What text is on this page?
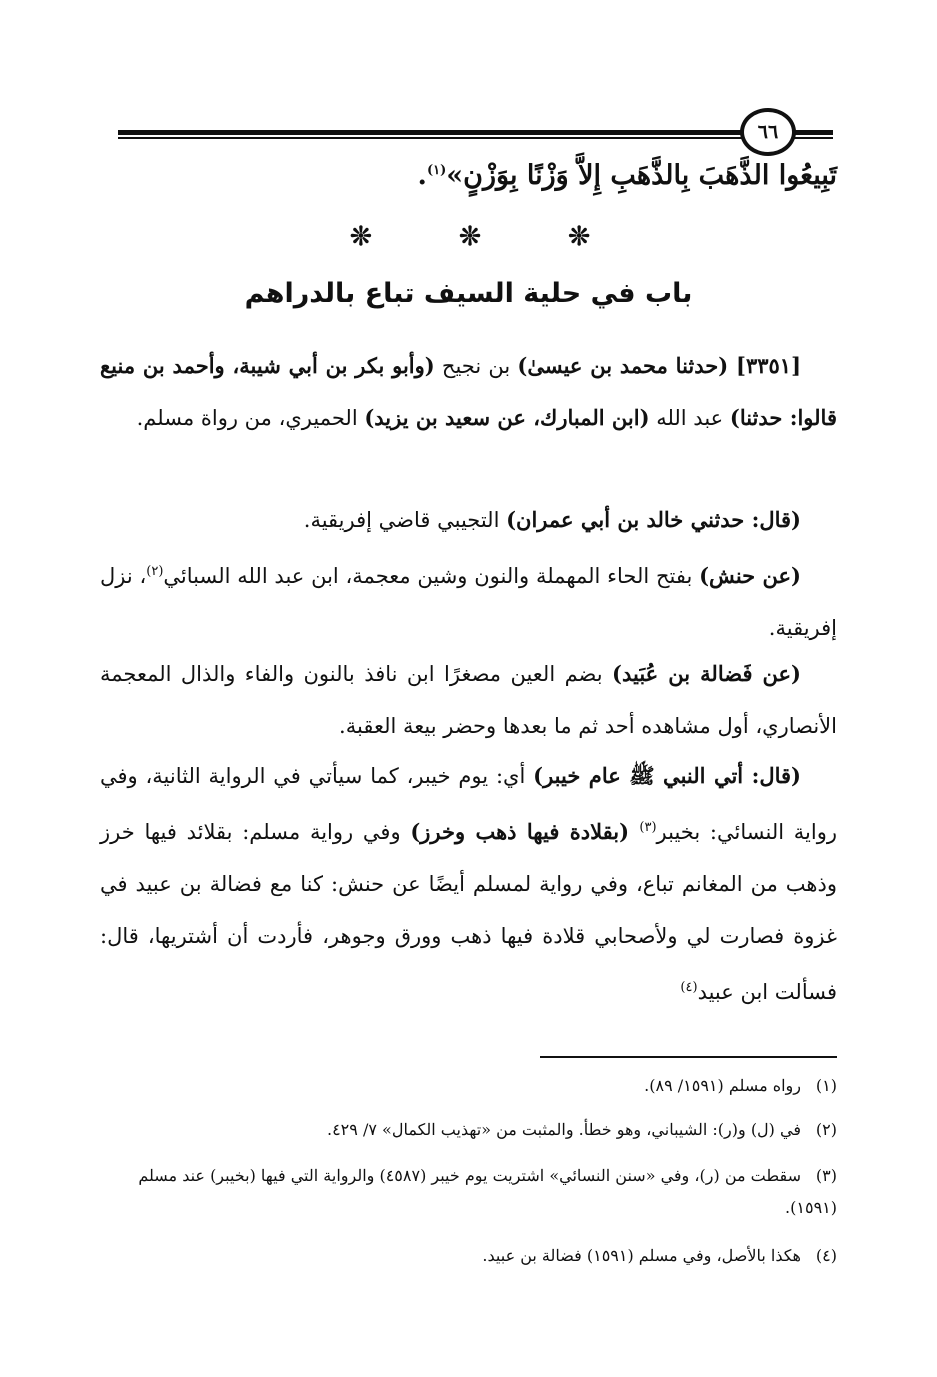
٦٦
تَبِيعُوا الذَّهَبَ بِالذَّهَبِ إِلاَّ وَزْنًا بِوَزْنٍ»$^{(١)}$.
❊	❊	❊
باب في حلية السيف تباع بالدراهم
[٣٣٥١] (حدثنا محمد بن عيسىٰ) بن نجيح (وأبو بكر بن أبي شيبة، وأحمد بن منيع قالوا: حدثنا) عبد الله (ابن المبارك، عن سعيد بن يزيد) الحميري، من رواة مسلم.
(قال: حدثني خالد بن أبي عمران) التجيبي قاضي إفريقية.
(عن حنش) بفتح الحاء المهملة والنون وشين معجمة، ابن عبد الله السبائي$^{(٢)}$، نزل إفريقية.
(عن فَضالة بن عُبَيد) بضم العين مصغرًا ابن نافذ بالنون والفاء والذال المعجمة الأنصاري، أول مشاهده أحد ثم ما بعدها وحضر بيعة العقبة.
(قال: أتي النبي ﷺ عام خيبر) أي: يوم خيبر، كما سيأتي في الرواية الثانية، وفي رواية النسائي: بخيبر$^{(٣)}$ (بقلادة فيها ذهب وخرز) وفي رواية مسلم: بقلائد فيها خرز وذهب من المغانم تباع، وفي رواية لمسلم أيضًا عن حنش: كنا مع فضالة بن عبيد في غزوة فصارت لي ولأصحابي قلادة فيها ذهب وورق وجوهر، فأردت أن أشتريها، قال: فسألت ابن عبيد$^{(٤)}$
(١)رواه مسلم (١٥٩١/ ٨٩).
(٢)في (ل) و(ر): الشيباني، وهو خطأ. والمثبت من «تهذيب الكمال» ٧/ ٤٢٩.
(٣)سقطت من (ر)، وفي «سنن النسائي» اشتريت يوم خيبر (٤٥٨٧) والرواية التي فيها (بخيبر) عند مسلم (١٥٩١).
(٤)هكذا بالأصل، وفي مسلم (١٥٩١) فضالة بن عبيد.
